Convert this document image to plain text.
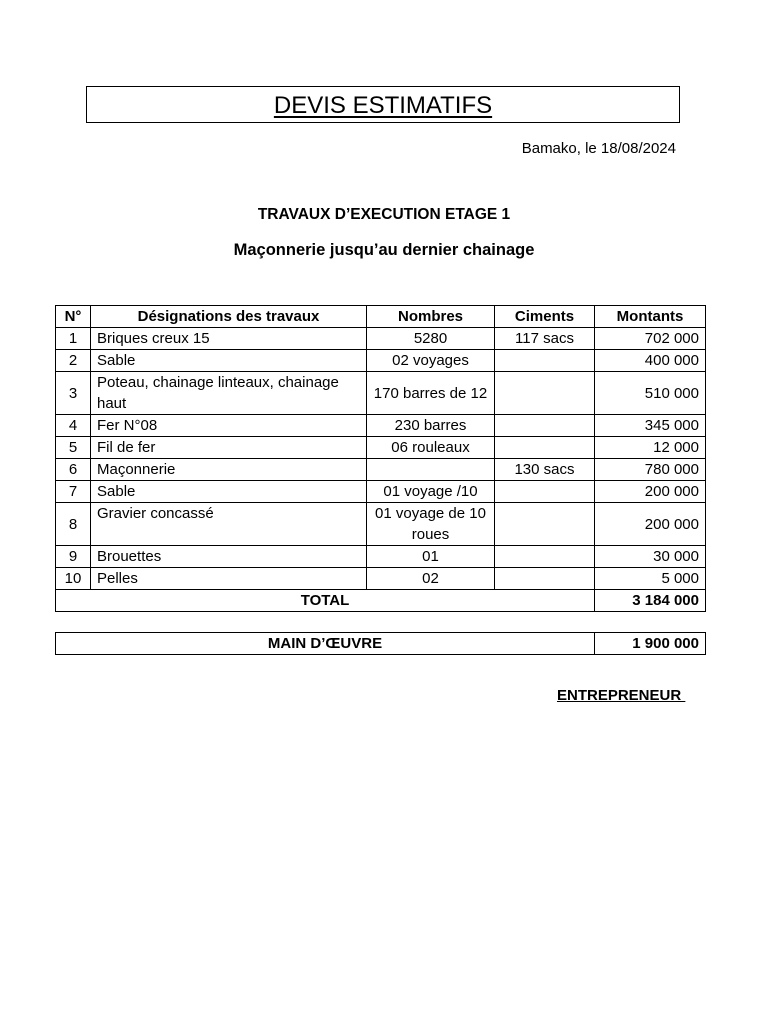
DEVIS ESTIMATIFS
Bamako, le 18/08/2024
TRAVAUX D’EXECUTION ETAGE 1
Maçonnerie jusqu’au dernier chainage
N°	Désignations des travaux	Nombres	Ciments	Montants
1	Briques creux 15	5280	117 sacs	702 000
2	Sable	02 voyages		400 000
3	Poteau, chainage linteaux, chainage haut	170 barres de 12		510 000
4	Fer N°08	230 barres		345 000
5	Fil de fer	06 rouleaux		12 000
6	Maçonnerie		130 sacs	780 000
7	Sable	01 voyage /10		200 000
8	Gravier concassé	01 voyage de 10 roues		200 000
9	Brouettes	01		30 000
10	Pelles	02		5 000
TOTAL				3 184 000
MAIN D’ŒUVRE	1 900 000
ENTREPRENEUR
